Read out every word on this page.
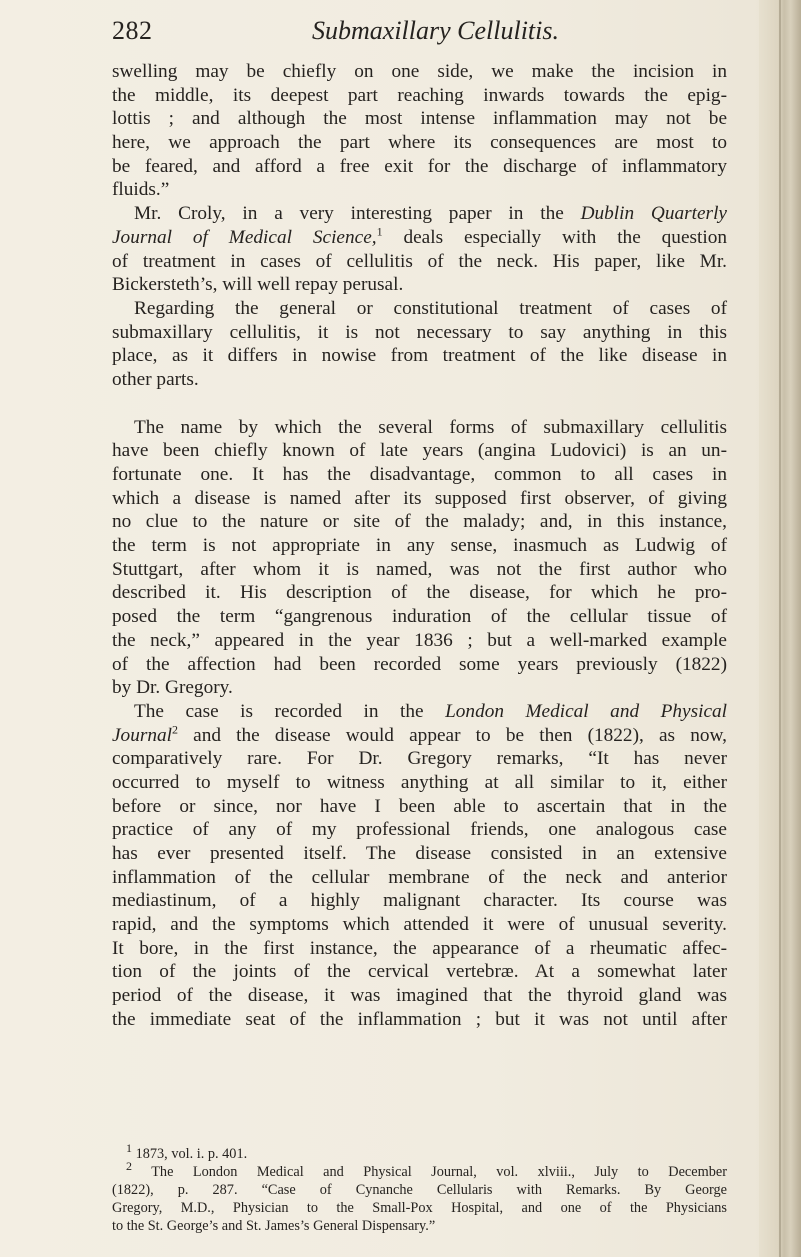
282	Submaxillary Cellulitis.
swelling may be chiefly on one side, we make the incision in
the middle, its deepest part reaching inwards towards the epig-
lottis ; and although the most intense inflammation may not be
here, we approach the part where its consequences are most to
be feared, and afford a free exit for the discharge of inflammatory
fluids.”
Mr. Croly, in a very interesting paper in the Dublin Quarterly
Journal of Medical Science,$^1$ deals especially with the question
of treatment in cases of cellulitis of the neck. His paper, like Mr.
Bickersteth’s, will well repay perusal.
Regarding the general or constitutional treatment of cases of
submaxillary cellulitis, it is not necessary to say anything in this
place, as it differs in nowise from treatment of the like disease in
other parts.
The name by which the several forms of submaxillary cellulitis
have been chiefly known of late years (angina Ludovici) is an un-
fortunate one. It has the disadvantage, common to all cases in
which a disease is named after its supposed first observer, of giving
no clue to the nature or site of the malady; and, in this instance,
the term is not appropriate in any sense, inasmuch as Ludwig of
Stuttgart, after whom it is named, was not the first author who
described it. His description of the disease, for which he pro-
posed the term “gangrenous induration of the cellular tissue of
the neck,” appeared in the year 1836 ; but a well-marked example
of the affection had been recorded some years previously (1822)
by Dr. Gregory.
The case is recorded in the London Medical and Physical
Journal$^2$ and the disease would appear to be then (1822), as now,
comparatively rare. For Dr. Gregory remarks, “It has never
occurred to myself to witness anything at all similar to it, either
before or since, nor have I been able to ascertain that in the
practice of any of my professional friends, one analogous case
has ever presented itself. The disease consisted in an extensive
inflammation of the cellular membrane of the neck and anterior
mediastinum, of a highly malignant character. Its course was
rapid, and the symptoms which attended it were of unusual severity.
It bore, in the first instance, the appearance of a rheumatic affec-
tion of the joints of the cervical vertebræ. At a somewhat later
period of the disease, it was imagined that the thyroid gland was
the immediate seat of the inflammation ; but it was not until after
$^1$ 1873, vol. i. p. 401.
$^2$ The London Medical and Physical Journal, vol. xlviii., July to December
(1822), p. 287. “Case of Cynanche Cellularis with Remarks. By George
Gregory, M.D., Physician to the Small-Pox Hospital, and one of the Physicians
to the St. George’s and St. James’s General Dispensary.”
